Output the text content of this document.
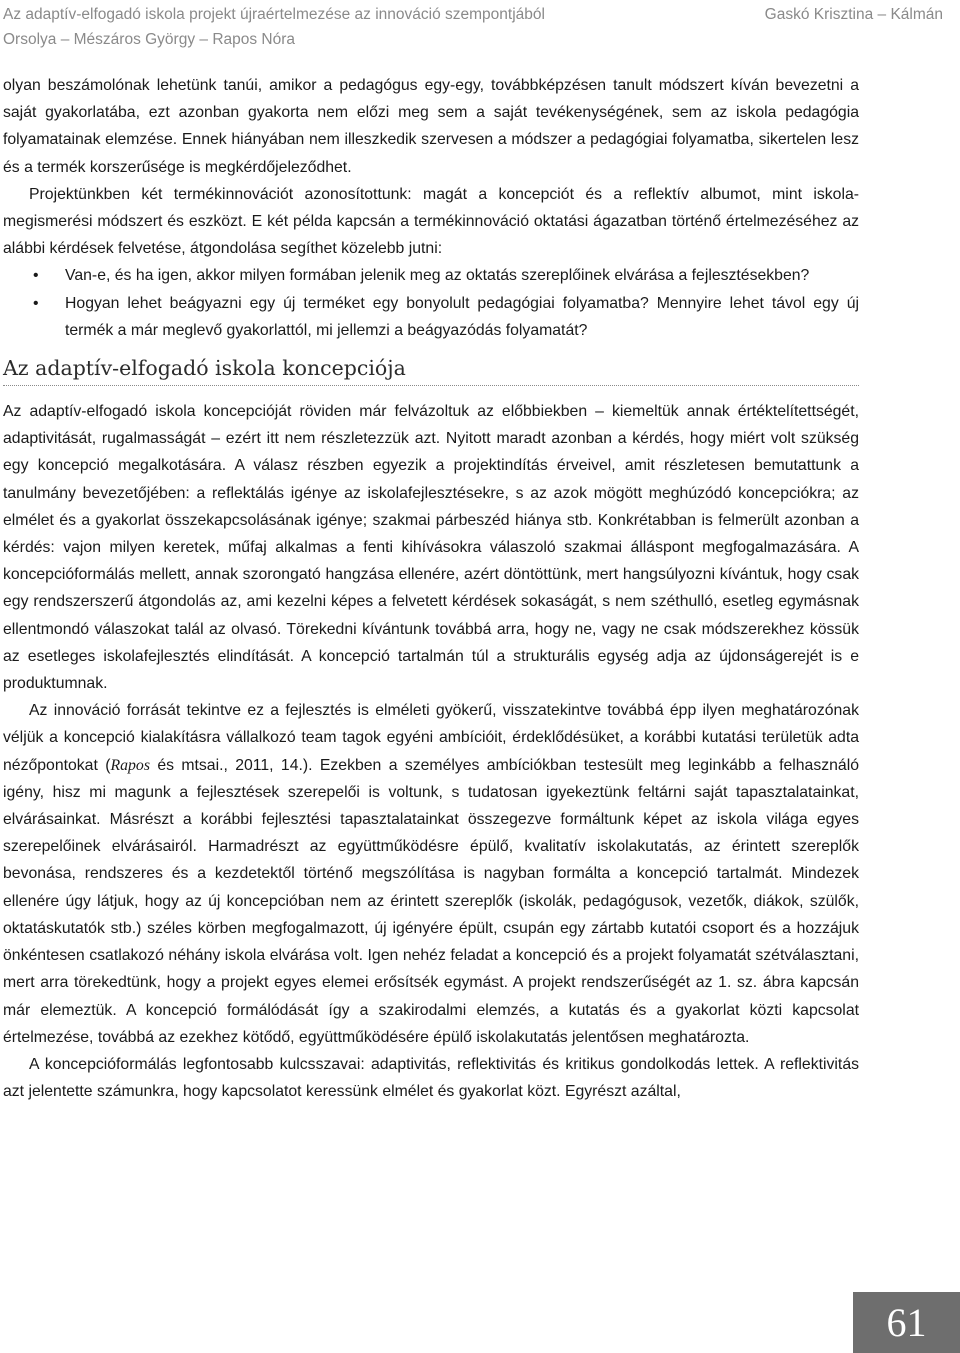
Az adaptív-elfogadó iskola projekt újraértelmezése az innováció szempontjából	Gaskó Krisztina – Kálmán

Orsolya – Mészáros György – Rapos Nóra

olyan beszámolónak lehetünk tanúi, amikor a pedagógus egy-egy, továbbképzésen tanult módszert kíván bevezetni a saját gyakorlatába, ezt azonban gyakorta nem előzi meg sem a saját tevékenységének, sem az iskola pedagógia folyamatainak elemzése. Ennek hiányában nem illeszkedik szervesen a módszer a pedagógiai folyamatba, sikertelen lesz és a termék korszerűsége is megkérdőjeleződhet.

Projektünkben két termékinnovációt azonosítottunk: magát a koncepciót és a reflektív albumot, mint iskola-megismerési módszert és eszközt. E két példa kapcsán a termékinnováció oktatási ágazatban történő értelmezéséhez az alábbi kérdések felvetése, átgondolása segíthet közelebb jutni:

• Van-e, és ha igen, akkor milyen formában jelenik meg az oktatás szereplőinek elvárása a fejlesztésekben?
• Hogyan lehet beágyazni egy új terméket egy bonyolult pedagógiai folyamatba? Mennyire lehet távol egy új termék a már meglevő gyakorlattól, mi jellemzi a beágyazódás folyamatát?
Az adaptív-elfogadó iskola koncepciója

Az adaptív-elfogadó iskola koncepcióját röviden már felvázoltuk az előbbiekben – kiemeltük annak értéktelítettségét, adaptivitását, rugalmasságát – ezért itt nem részletezzük azt. Nyitott maradt azonban a kérdés, hogy miért volt szükség egy koncepció megalkotására. A válasz részben egyezik a projektindítás érveivel, amit részletesen bemutattunk a tanulmány bevezetőjében: a reflektálás igénye az iskolafejlesztésekre, s az azok mögött meghúzódó koncepciókra; az elmélet és a gyakorlat összekapcsolásának igénye; szakmai párbeszéd hiánya stb. Konkrétabban is felmerült azonban a kérdés: vajon milyen keretek, műfaj alkalmas a fenti kihívásokra válaszoló szakmai álláspont megfogalmazására. A koncepcióformálás mellett, annak szorongató hangzása ellenére, azért döntöttünk, mert hangsúlyozni kívántuk, hogy csak egy rendszerszerű átgondolás az, ami kezelni képes a felvetett kérdések sokaságát, s nem széthulló, esetleg egymásnak ellentmondó válaszokat talál az olvasó. Törekedni kívántunk továbbá arra, hogy ne, vagy ne csak módszerekhez kössük az esetleges iskolafejlesztés elindítását. A koncepció tartalmán túl a strukturális egység adja az újdonságerejét is e produktumnak.

Az innováció forrását tekintve ez a fejlesztés is elméleti gyökerű, visszatekintve továbbá épp ilyen meghatározónak véljük a koncepció kialakításra vállalkozó team tagok egyéni ambícióit, érdeklődésüket, a korábbi kutatási területük adta nézőpontokat (Rapos és mtsai., 2011, 14.). Ezekben a személyes ambíciókban testesült meg leginkább a felhasználó igény, hisz mi magunk a fejlesztések szerepelői is voltunk, s tudatosan igyekeztünk feltárni saját tapasztalatainkat, elvárásainkat. Másrészt a korábbi fejlesztési tapasztalatainkat összegezve formáltunk képet az iskola világa egyes szerepelőinek elvárásairól. Harmadrészt az együttműködésre épülő, kvalitatív iskolakutatás, az érintett szereplők bevonása, rendszeres és a kezdetektől történő megszólítása is nagyban formálta a koncepció tartalmát. Mindezek ellenére úgy látjuk, hogy az új koncepcióban nem az érintett szereplők (iskolák, pedagógusok, vezetők, diákok, szülők, oktatáskutatók stb.) széles körben megfogalmazott, új igényére épült, csupán egy zártabb kutatói csoport és a hozzájuk önkéntesen csatlakozó néhány iskola elvárása volt. Igen nehéz feladat a koncepció és a projekt folyamatát szétválasztani, mert arra törekedtünk, hogy a projekt egyes elemei erősítsék egymást. A projekt rendszerűségét az 1. sz. ábra kapcsán már elemeztük. A koncepció formálódását így a szakirodalmi elemzés, a kutatás és a gyakorlat közti kapcsolat értelmezése, továbbá az ezekhez kötődő, együttműködésére épülő iskolakutatás jelentősen meghatározta.

A koncepcióformálás legfontosabb kulcsszavai: adaptivitás, reflektivitás és kritikus gondolkodás lettek. A reflektivitás azt jelentette számunkra, hogy kapcsolatot keressünk elmélet és gyakorlat közt. Egyrészt azáltal,

61
